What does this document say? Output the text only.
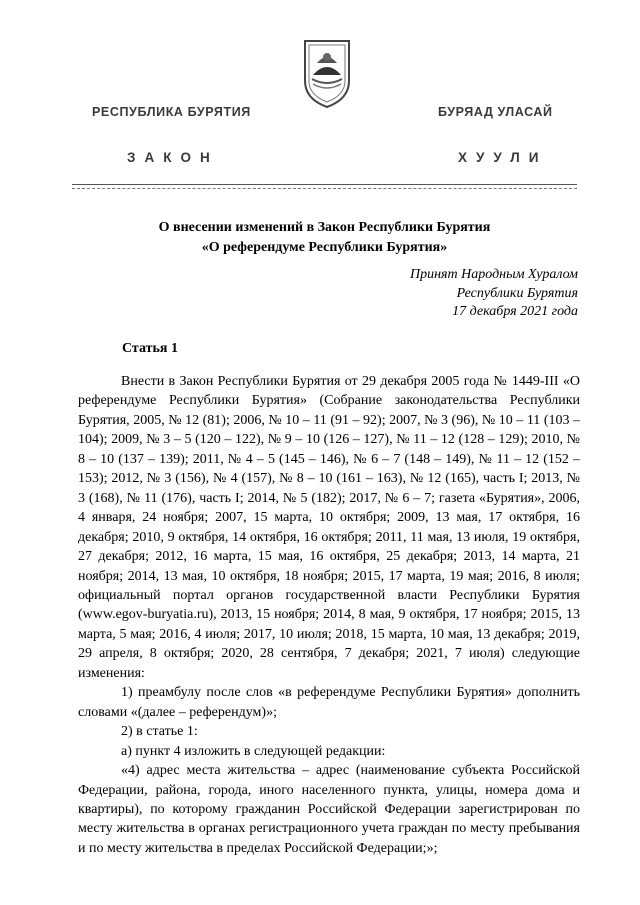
РЕСПУБЛИКА БУРЯТИЯ	БУРЯАД УЛАСАЙ
ЗАКОН	ХУУЛИ
О внесении изменений в Закон Республики Бурятия
«О референдуме Республики Бурятия»
Принят Народным Хуралом
Республики Бурятия
17 декабря 2021 года
Статья 1

Внести в Закон Республики Бурятия от 29 декабря 2005 года № 1449-III «О референдуме Республики Бурятия» (Собрание законодательства Республики Бурятия, 2005, № 12 (81); 2006, № 10 – 11 (91 – 92); 2007, № 3 (96), № 10 – 11 (103 – 104); 2009, № 3 – 5 (120 – 122), № 9 – 10 (126 – 127), № 11 – 12 (128 – 129); 2010, № 8 – 10 (137 – 139); 2011, № 4 – 5 (145 – 146), № 6 – 7 (148 – 149), № 11 – 12 (152 – 153); 2012, № 3 (156), № 4 (157), № 8 – 10 (161 – 163), № 12 (165), часть I; 2013, № 3 (168), № 11 (176), часть I; 2014, № 5 (182); 2017, № 6 – 7; газета «Бурятия», 2006, 4 января, 24 ноября; 2007, 15 марта, 10 октября; 2009, 13 мая, 17 октября, 16 декабря; 2010, 9 октября, 14 октября, 16 октября; 2011, 11 мая, 13 июля, 19 октября, 27 декабря; 2012, 16 марта, 15 мая, 16 октября, 25 декабря; 2013, 14 марта, 21 ноября; 2014, 13 мая, 10 октября, 18 ноября; 2015, 17 марта, 19 мая; 2016, 8 июля; официальный портал органов государственной власти Республики Бурятия (www.egov-buryatia.ru), 2013, 15 ноября; 2014, 8 мая, 9 октября, 17 ноября; 2015, 13 марта, 5 мая; 2016, 4 июля; 2017, 10 июля; 2018, 15 марта, 10 мая, 13 декабря; 2019, 29 апреля, 8 октября; 2020, 28 сентября, 7 декабря; 2021, 7 июля) следующие изменения:

1) преамбулу после слов «в референдуме Республики Бурятия» дополнить словами «(далее – референдум)»;

2) в статье 1:

а) пункт 4 изложить в следующей редакции:

«4) адрес места жительства – адрес (наименование субъекта Российской Федерации, района, города, иного населенного пункта, улицы, номера дома и квартиры), по которому гражданин Российской Федерации зарегистрирован по месту жительства в органах регистрационного учета граждан по месту пребывания и по месту жительства в пределах Российской Федерации;»;
